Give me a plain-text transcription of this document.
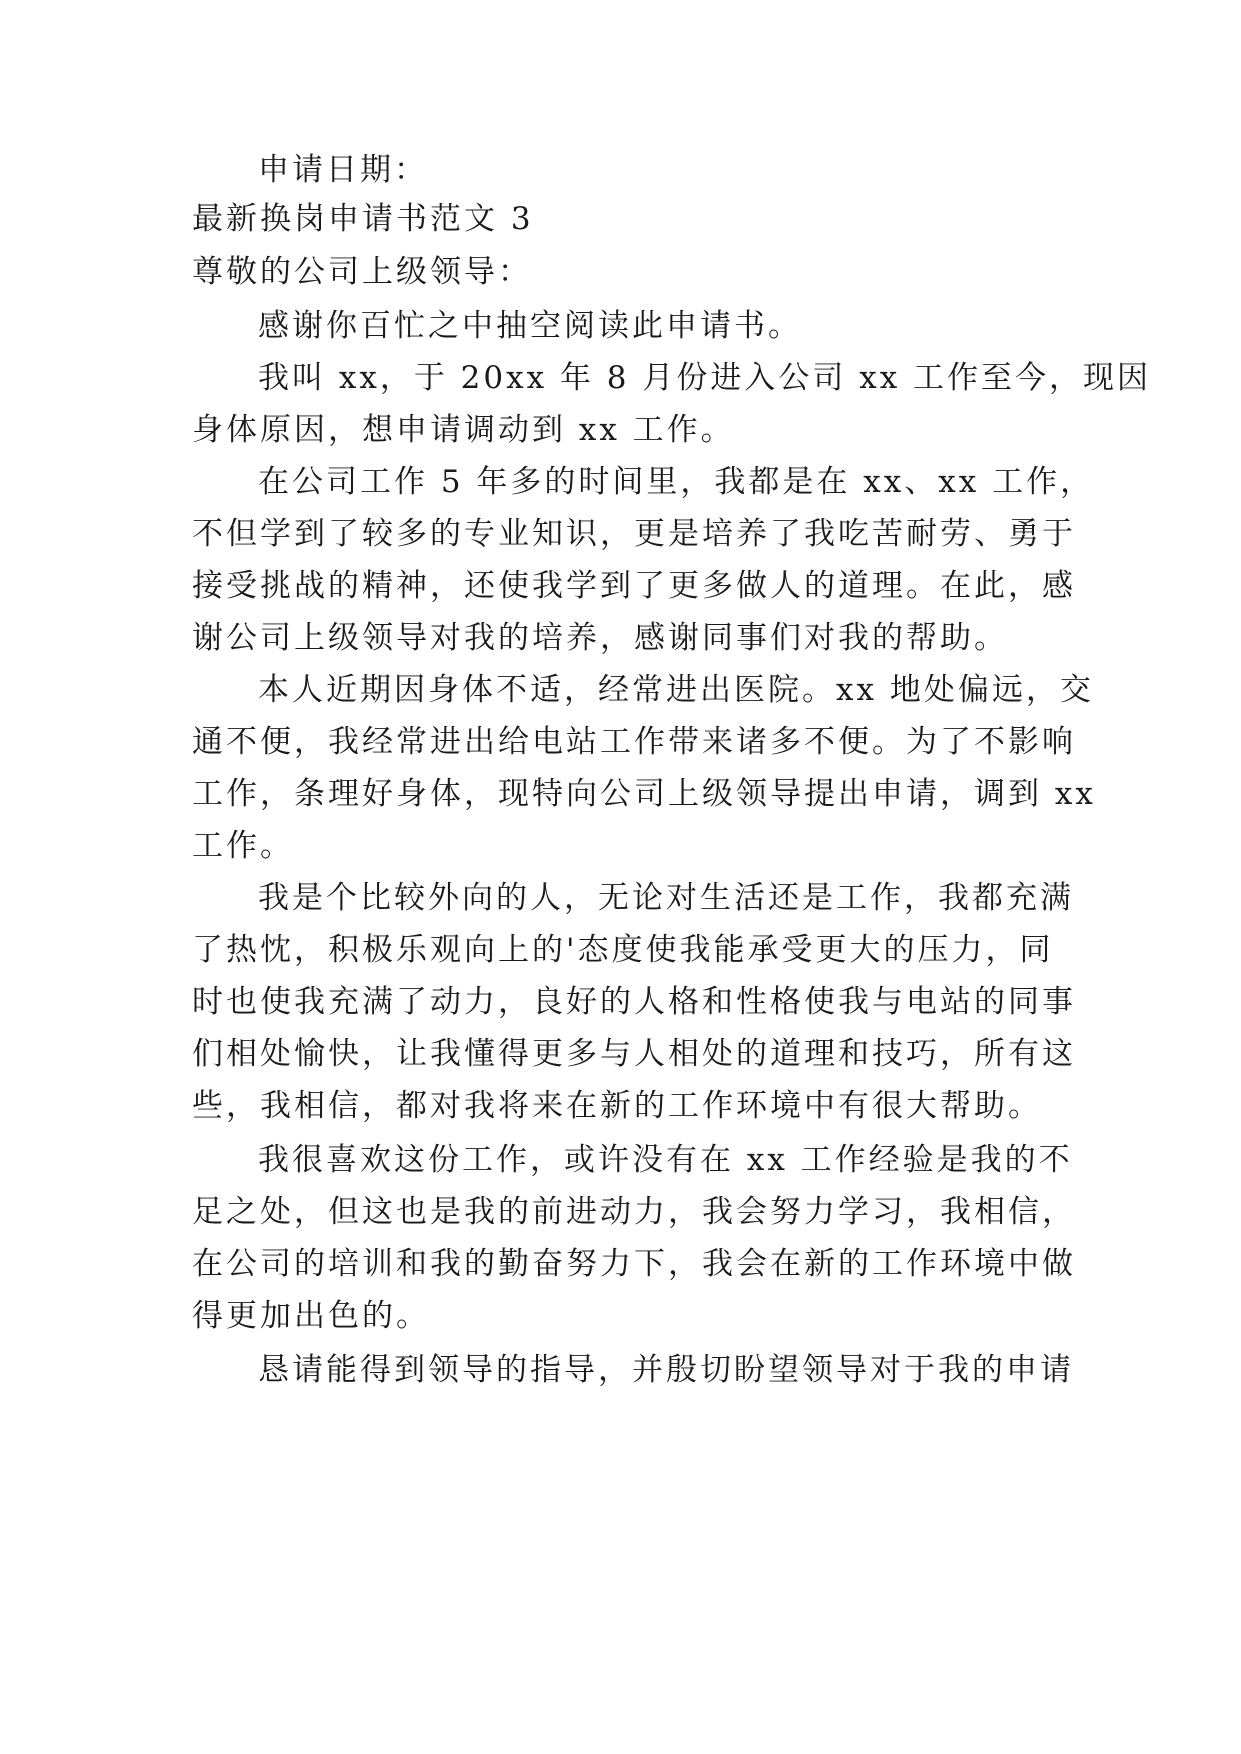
申请日期：
最新换岗申请书范文 3
尊敬的公司上级领导：
感谢你百忙之中抽空阅读此申请书。
我叫 xx，于 20xx 年 8 月份进入公司 xx 工作至今，现因
身体原因，想申请调动到 xx 工作。
在公司工作 5 年多的时间里，我都是在 xx、xx 工作，
不但学到了较多的专业知识，更是培养了我吃苦耐劳、勇于
接受挑战的精神，还使我学到了更多做人的道理。在此，感
谢公司上级领导对我的培养，感谢同事们对我的帮助。
本人近期因身体不适，经常进出医院。xx 地处偏远，交
通不便，我经常进出给电站工作带来诸多不便。为了不影响
工作，条理好身体，现特向公司上级领导提出申请，调到 xx
工作。
我是个比较外向的人，无论对生活还是工作，我都充满
了热忱，积极乐观向上的'态度使我能承受更大的压力，同
时也使我充满了动力，良好的人格和性格使我与电站的同事
们相处愉快，让我懂得更多与人相处的道理和技巧，所有这
些，我相信，都对我将来在新的工作环境中有很大帮助。
我很喜欢这份工作，或许没有在 xx 工作经验是我的不
足之处，但这也是我的前进动力，我会努力学习，我相信，
在公司的培训和我的勤奋努力下，我会在新的工作环境中做
得更加出色的。
恳请能得到领导的指导，并殷切盼望领导对于我的申请
